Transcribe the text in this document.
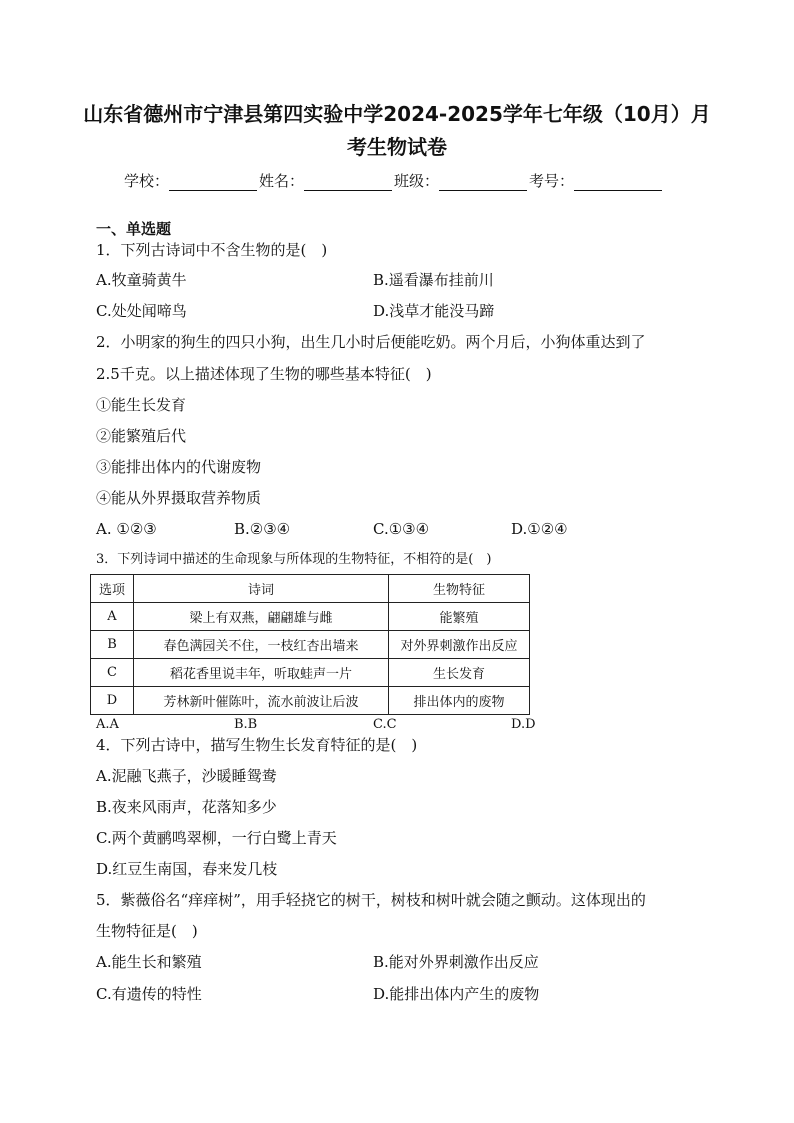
山东省德州市宁津县第四实验中学2024-2025学年七年级（10月）月
考生物试卷
学校：	姓名：	班级：	考号：
一、单选题
1．下列古诗词中不含生物的是(　)
A.牧童骑黄牛	B.遥看瀑布挂前川
C.处处闻啼鸟	D.浅草才能没马蹄
2．小明家的狗生的四只小狗，出生几小时后便能吃奶。两个月后，小狗体重达到了
2.5千克。以上描述体现了生物的哪些基本特征(　)
①能生长发育
②能繁殖后代
③能排出体内的代谢废物
④能从外界摄取营养物质
A. ①②③	B.②③④	C.①③④	D.①②④
3．下列诗词中描述的生命现象与所体现的生物特征，不相符的是(　)
选项	诗词	生物特征
A	梁上有双燕，翩翩雄与雌	能繁殖
B	春色满园关不住，一枝红杏出墙来	对外界刺激作出反应
C	稻花香里说丰年，听取蛙声一片	生长发育
D	芳林新叶催陈叶，流水前波让后波	排出体内的废物
A.A	B.B	C.C	D.D
4．下列古诗中，描写生物生长发育特征的是(　)
A.泥融飞燕子，沙暖睡鸳鸯
B.夜来风雨声，花落知多少
C.两个黄鹂鸣翠柳，一行白鹭上青天
D.红豆生南国，春来发几枝
5．紫薇俗名“痒痒树”，用手轻挠它的树干，树枝和树叶就会随之颤动。这体现出的
生物特征是(　)
A.能生长和繁殖	B.能对外界刺激作出反应
C.有遗传的特性	D.能排出体内产生的废物
